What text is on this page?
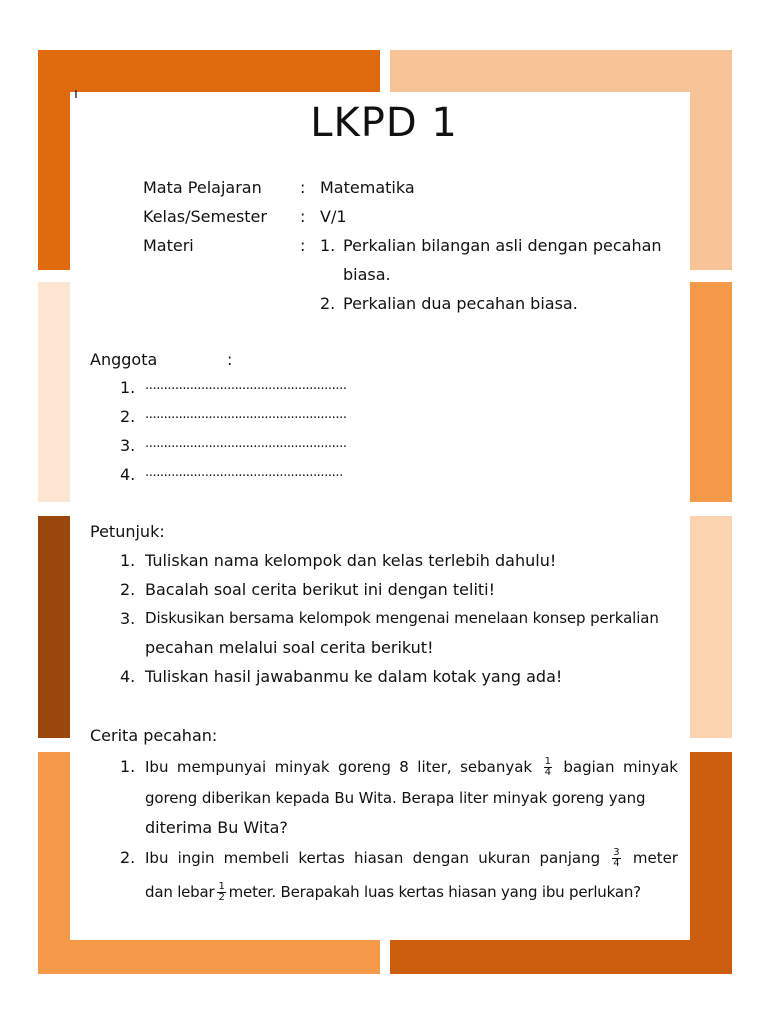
ı
LKPD 1
Mata Pelajaran : Matematika
Kelas/Semester : V/1
Materi	: 1. Perkalian bilangan asli dengan pecahan
biasa.
2. Perkalian dua pecahan biasa.
Anggota	:
1. ......................................................
2. ......................................................
3. ......................................................
4. .....................................................
Petunjuk:
1. Tuliskan nama kelompok dan kelas terlebih dahulu!
2. Bacalah soal cerita berikut ini dengan teliti!
3. Diskusikan bersama kelompok mengenai menelaan konsep perkalian
pecahan melalui soal cerita berikut!
4. Tuliskan hasil jawabanmu ke dalam kotak yang ada!
Cerita pecahan:
1. Ibu mempunyai minyak goreng 8 liter, sebanyak $\frac{1}{4}$ bagian minyak
goreng diberikan kepada Bu Wita. Berapa liter minyak goreng yang
diterima Bu Wita?
2. Ibu ingin membeli kertas hiasan dengan ukuran panjang $\frac{3}{4}$ meter
dan lebar $\frac{1}{2}$ meter. Berapakah luas kertas hiasan yang ibu perlukan?
